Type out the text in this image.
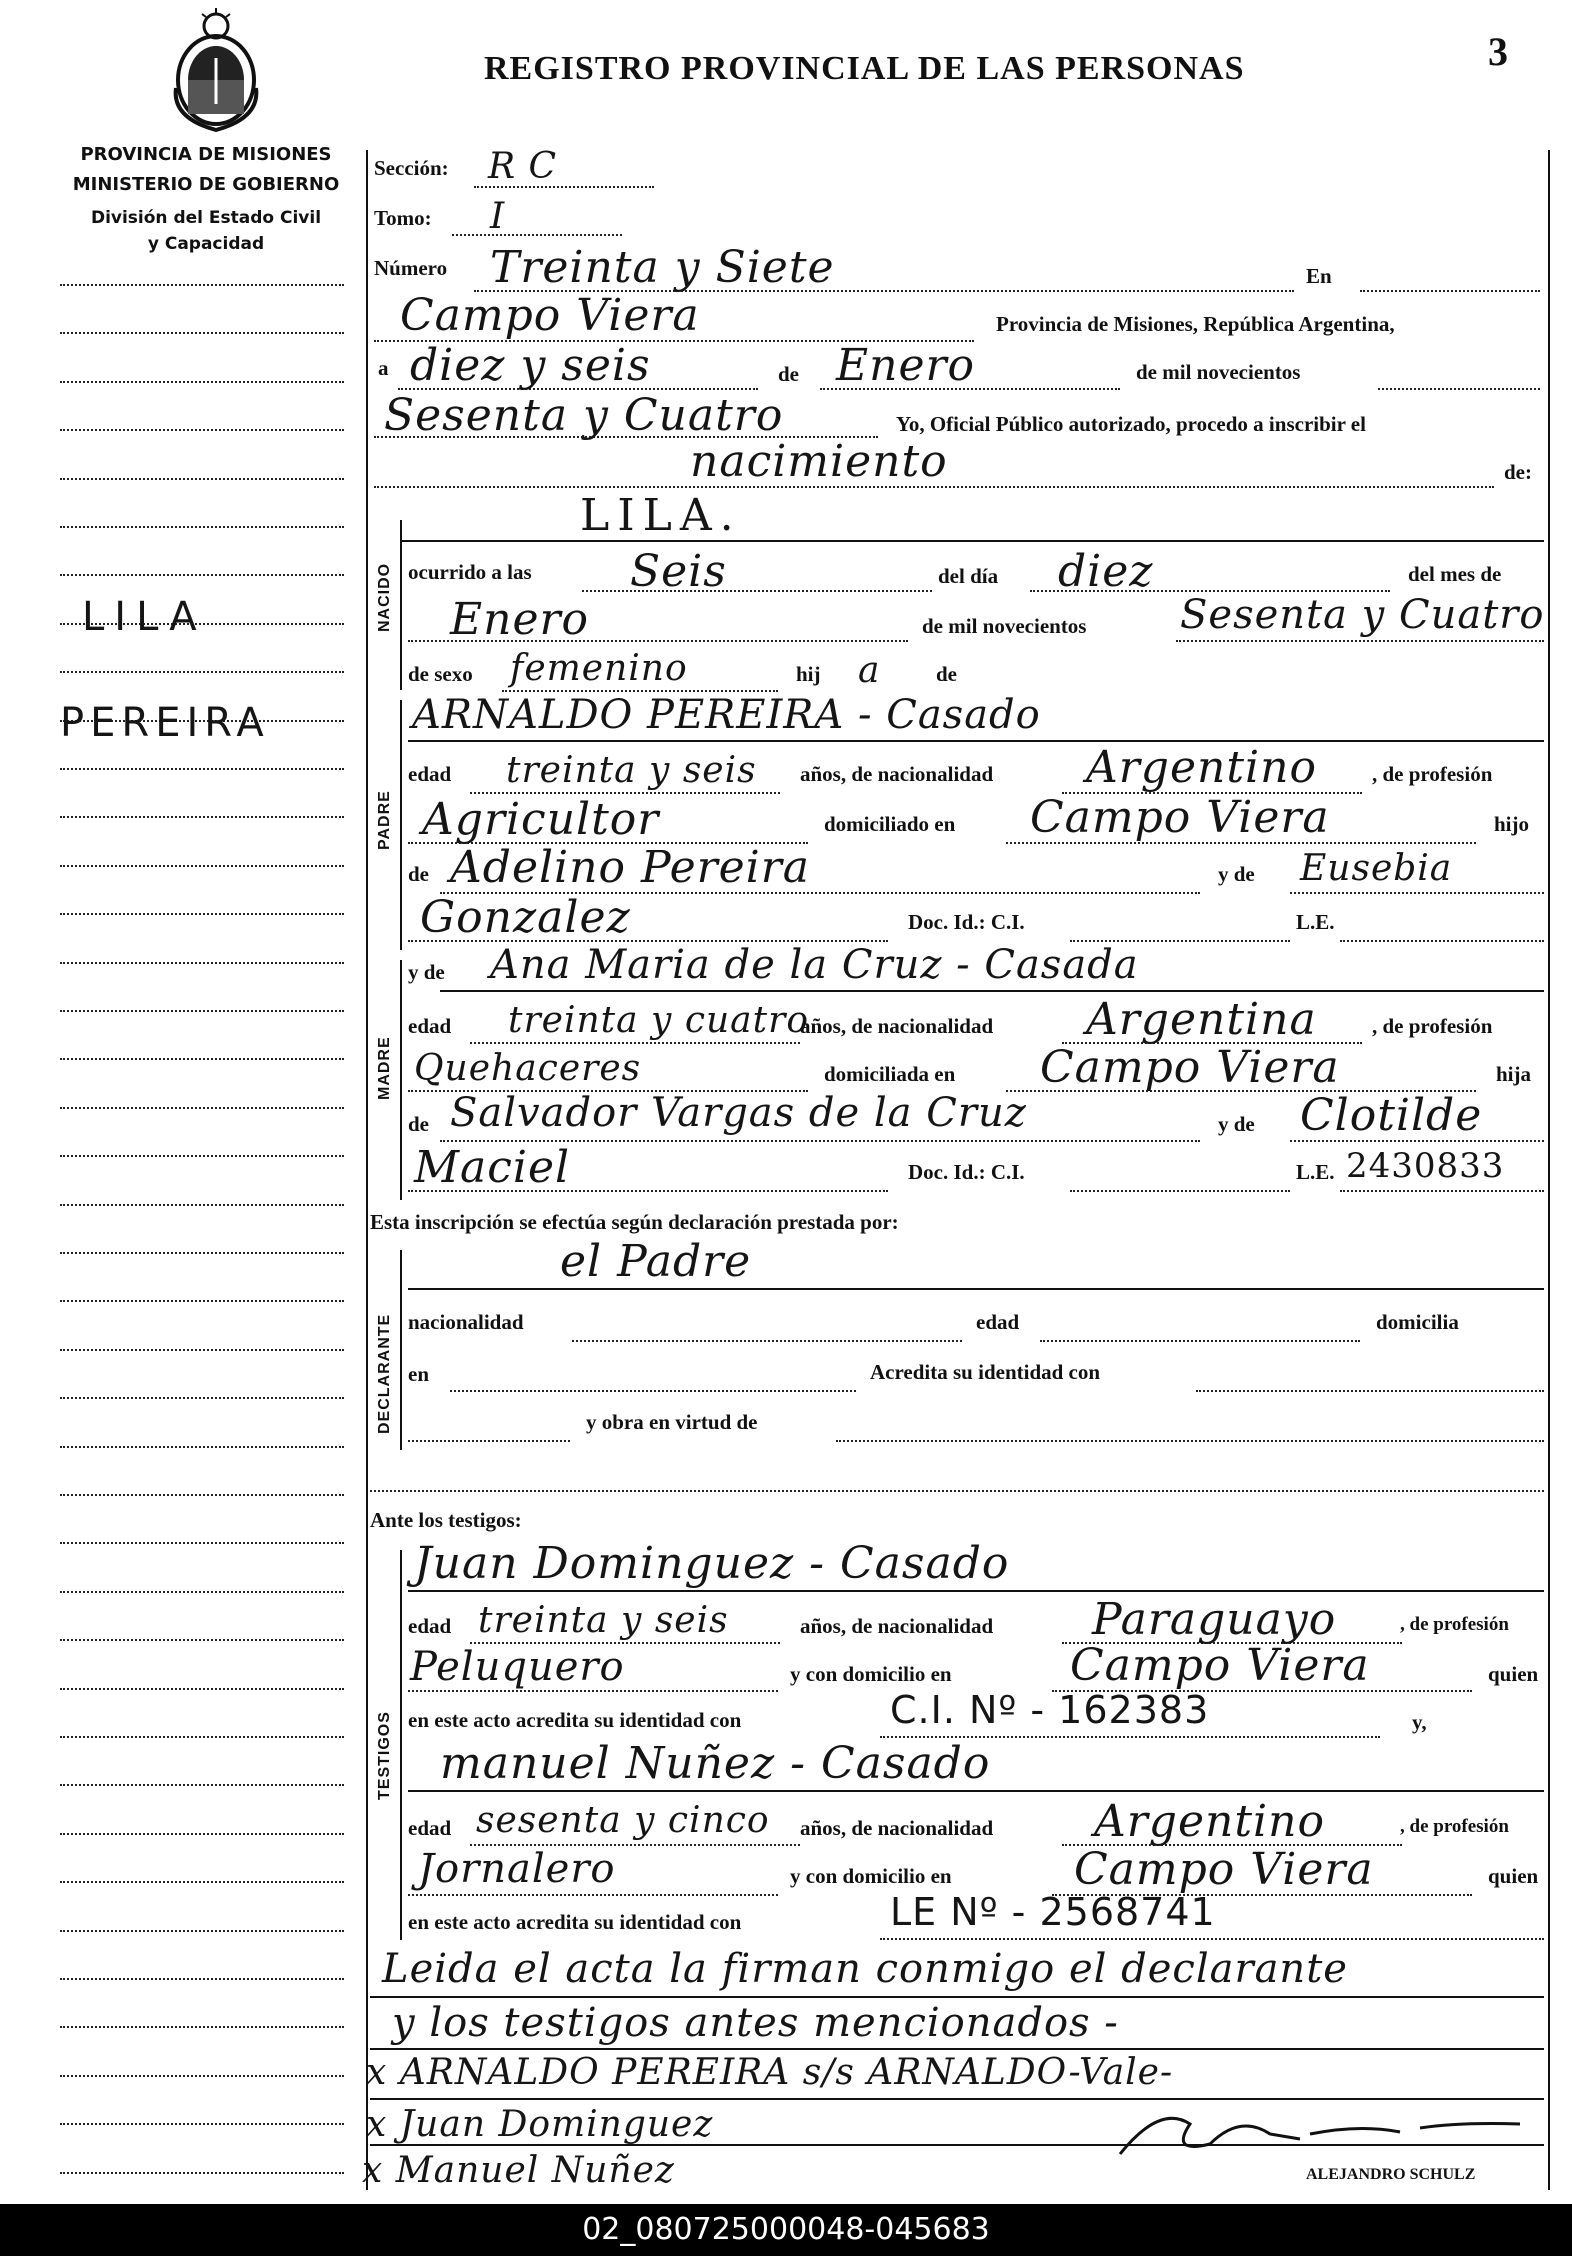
REGISTRO PROVINCIAL DE LAS PERSONAS	3
PROVINCIA DE MISIONES
MINISTERIO DE GOBIERNO
División del Estado Civil
y Capacidad
LILA
PEREIRA
NACIDO
PADRE
MADRE
DECLARANTE
TESTIGOS
Sección: R C
Tomo: I
Número Treinta y Siete	En
Campo Viera	Provincia de Misiones, República Argentina,
a diez y seis	de Enero	de mil novecientos
Sesenta y Cuatro	Yo, Oficial Público autorizado, procedo a inscribir el
nacimiento	de:
LILA.
ocurrido a las Seis	del día diez	del mes de
Enero	de mil novecientos Sesenta y Cuatro
de sexo femenino	hij a	de
ARNALDO PEREIRA - Casado
edad treinta y seis años, de nacionalidad Argentino	, de profesión
Agricultor	domiciliado en Campo Viera	hijo
de Adelino Pereira	y de Eusebia
Gonzalez	Doc. Id.: C.I.	L.E.
y de Ana Maria de la Cruz - Casada
edad treinta y cuatro
años, de nacionalidad Argentina	, de profesión
Quehaceres	domiciliada en Campo Viera	hija
de Salvador Vargas de la Cruz	y de Clotilde
Maciel	Doc. Id.: C.I.	L.E. 2430833
Esta inscripción se efectúa según declaración prestada por:
el Padre
nacionalidad	edad	domicilia
en	Acredita su identidad con
y obra en virtud de
Ante los testigos:
Juan Dominguez - Casado
edad treinta y seis	años, de nacionalidad Paraguayo	, de profesión
Peluquero	y con domicilio en	Campo Viera	quien
en este acto acredita su identidad con	C.I. Nº - 162383	y,
manuel Nuñez - Casado
edad sesenta y cinco años, de nacionalidad Argentino	, de profesión
Jornalero	y con domicilio en	Campo Viera	quien
en este acto acredita su identidad con	LE Nº - 2568741
Leida el acta la firman conmigo el declarante
y los testigos antes mencionados -
x ARNALDO PEREIRA s/s ARNALDO-Vale-
x Juan Dominguez
x Manuel Nuñez	ALEJANDRO SCHULZ
02_080725000048-045683
